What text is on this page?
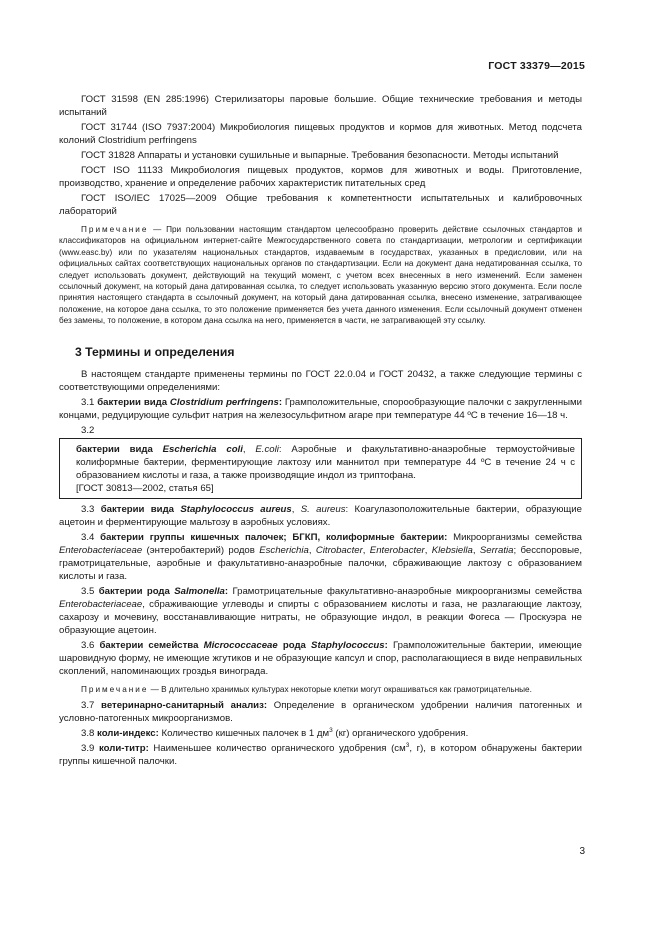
ГОСТ 33379—2015

ГОСТ 31598 (EN 285:1996) Стерилизаторы паровые большие. Общие технические требования и методы испытаний

ГОСТ 31744 (ISO 7937:2004) Микробиология пищевых продуктов и кормов для животных. Метод подсчета колоний Clostridium perfringens

ГОСТ 31828 Аппараты и установки сушильные и выпарные. Требования безопасности. Методы испытаний

ГОСТ ISO 11133 Микробиология пищевых продуктов, кормов для животных и воды. Приготовление, производство, хранение и определение рабочих характеристик питательных сред

ГОСТ ISO/IEC 17025—2009 Общие требования к компетентности испытательных и калибровочных лабораторий

Примечание — При пользовании настоящим стандартом целесообразно проверить действие ссылочных стандартов и классификаторов на официальном интернет-сайте Межгосударственного совета по стандартизации, метрологии и сертификации (www.easc.by) или по указателям национальных стандартов, издаваемым в государствах, указанных в предисловии, или на официальных сайтах соответствующих национальных органов по стандартизации. Если на документ дана недатированная ссылка, то следует использовать документ, действующий на текущий момент, с учетом всех внесенных в него изменений. Если заменен ссылочный документ, на который дана датированная ссылка, то следует использовать указанную версию этого документа. Если после принятия настоящего стандарта в ссылочный документ, на который дана датированная ссылка, внесено изменение, затрагивающее положение, на которое дана ссылка, то это положение применяется без учета данного изменения. Если ссылочный документ отменен без замены, то положение, в котором дана ссылка на него, применяется в части, не затрагивающей эту ссылку.

3 Термины и определения

В настоящем стандарте применены термины по ГОСТ 22.0.04 и ГОСТ 20432, а также следующие термины с соответствующими определениями:

3.1 бактерии вида Clostridium perfringens: Грамположительные, спорообразующие палочки с закругленными концами, редуцирующие сульфит натрия на железосульфитном агаре при температуре 44 ºС в течение 16—18 ч.

3.2

бактерии вида Escherichia coli, E.coli: Аэробные и факультативно-анаэробные термоустойчивые колиформные бактерии, ферментирующие лактозу или маннитол при температуре 44 ºС в течение 24 ч с образованием кислоты и газа, а также производящие индол из триптофана.

[ГОСТ 30813—2002, статья 65]

3.3 бактерии вида Staphylococcus aureus, S. aureus: Коагулазоположительные бактерии, образующие ацетоин и ферментирующие мальтозу в аэробных условиях.

3.4 бактерии группы кишечных палочек; БГКП, колиформные бактерии: Микроорганизмы семейства Enterobacteriaceae (энтеробактерий) родов Escherichia, Citrobacter, Enterobacter, Klebsiella, Serratia; бесспоровые, грамотрицательные, аэробные и факультативно-анаэробные палочки, сбраживающие лактозу с образованием кислоты и газа.

3.5 бактерии рода Salmonella: Грамотрицательные факультативно-анаэробные микроорганизмы семейства Enterobacteriaceae, сбраживающие углеводы и спирты с образованием кислоты и газа, не разлагающие лактозу, сахарозу и мочевину, восстанавливающие нитраты, не образующие индол, в реакции Фогеса — Проскуэра не образующие ацетоин.

3.6 бактерии семейства Micrococcaceae рода Staphylococcus: Грамположительные бактерии, имеющие шаровидную форму, не имеющие жгутиков и не образующие капсул и спор, располагающиеся в виде неправильных скоплений, напоминающих гроздья винограда.

Примечание — В длительно хранимых культурах некоторые клетки могут окрашиваться как грамотрицательные.

3.7 ветеринарно-санитарный анализ: Определение в органическом удобрении наличия патогенных и условно-патогенных микроорганизмов.

3.8 коли-индекс: Количество кишечных палочек в 1 $дм^3$ (кг) органического удобрения.

3.9 коли-титр: Наименьшее количество органического удобрения ($см^3$, г), в котором обнаружены бактерии группы кишечной палочки.

3
